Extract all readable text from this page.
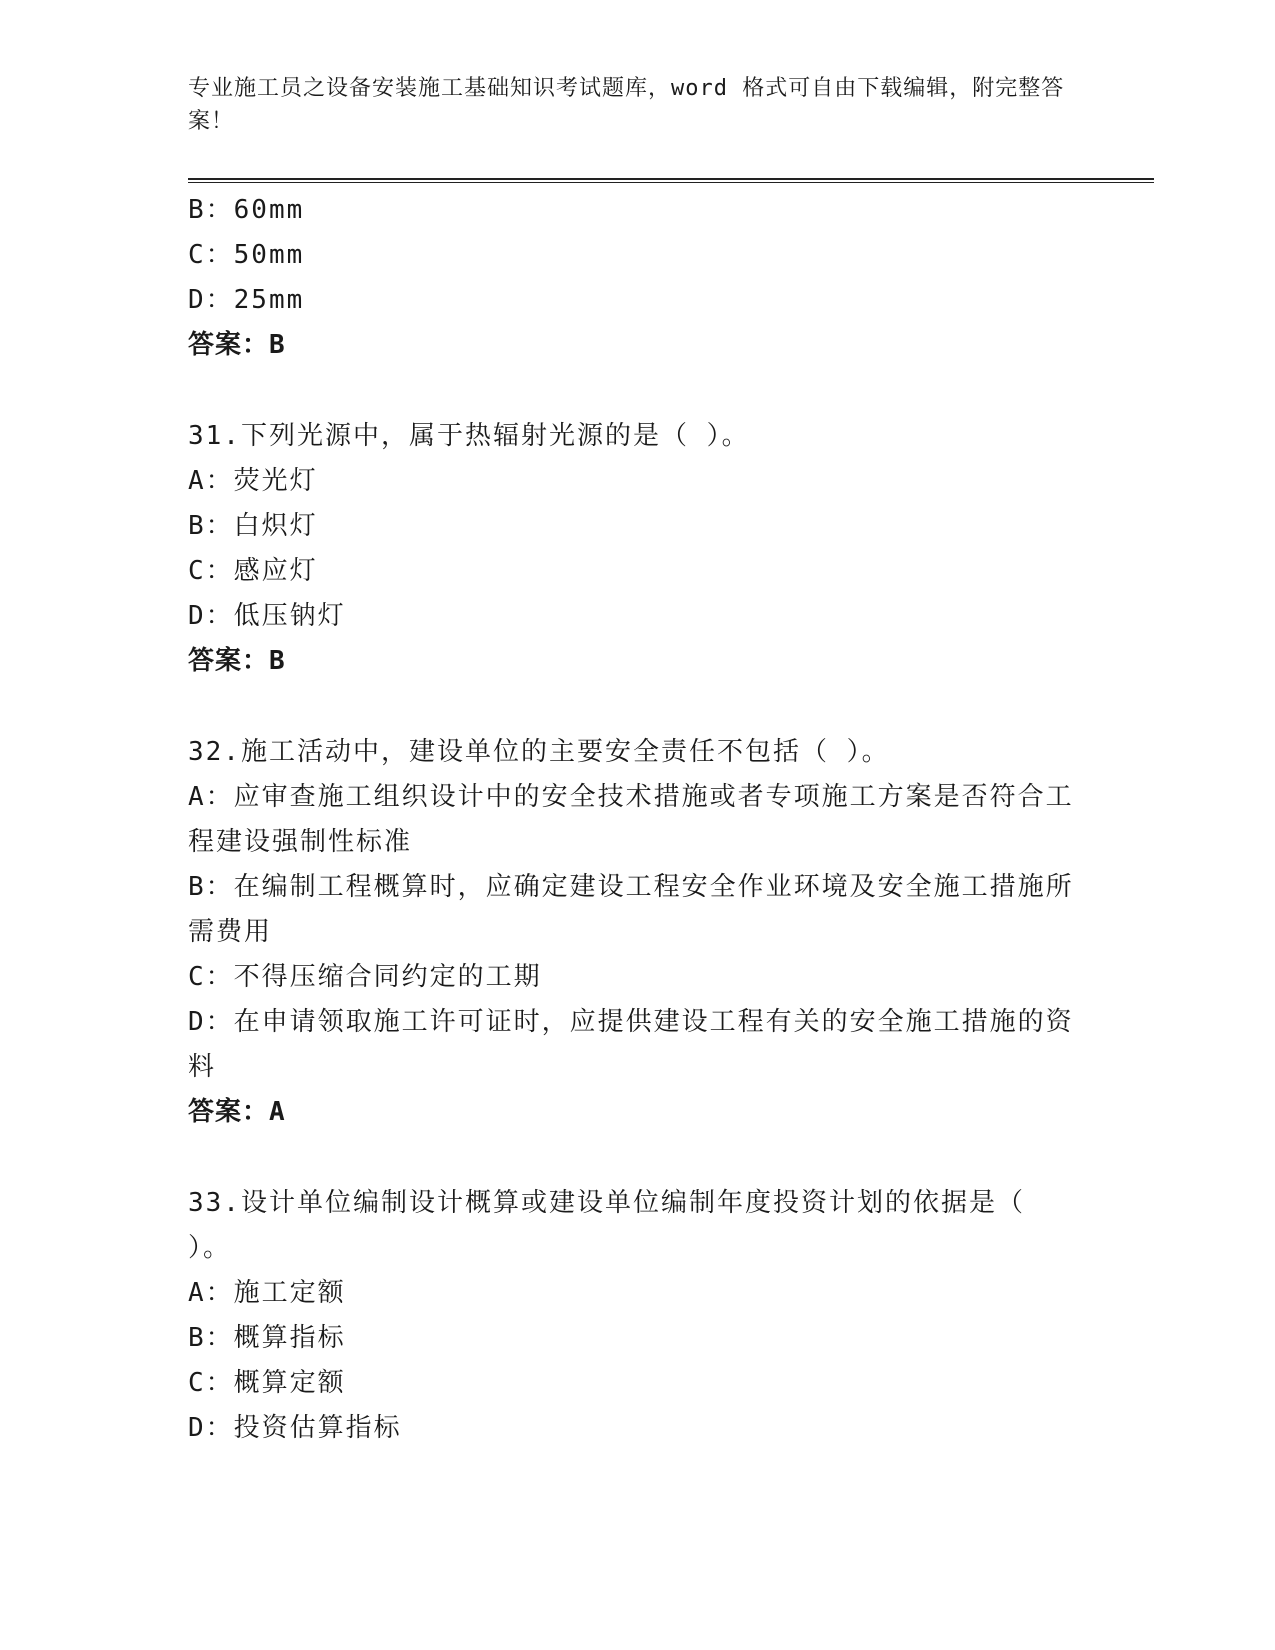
专业施工员之设备安装施工基础知识考试题库，word 格式可自由下载编辑，附完整答案！
B：60mm
C：50mm
D：25mm
答案：B
31.下列光源中，属于热辐射光源的是（ ）。
A：荧光灯
B：白炽灯
C：感应灯
D：低压钠灯
答案：B
32.施工活动中，建设单位的主要安全责任不包括（ ）。
A：应审查施工组织设计中的安全技术措施或者专项施工方案是否符合工程建设强制性标准
B：在编制工程概算时，应确定建设工程安全作业环境及安全施工措施所需费用
C：不得压缩合同约定的工期
D：在申请领取施工许可证时，应提供建设工程有关的安全施工措施的资料
答案：A
33.设计单位编制设计概算或建设单位编制年度投资计划的依据是（ ）。
A：施工定额
B：概算指标
C：概算定额
D：投资估算指标
